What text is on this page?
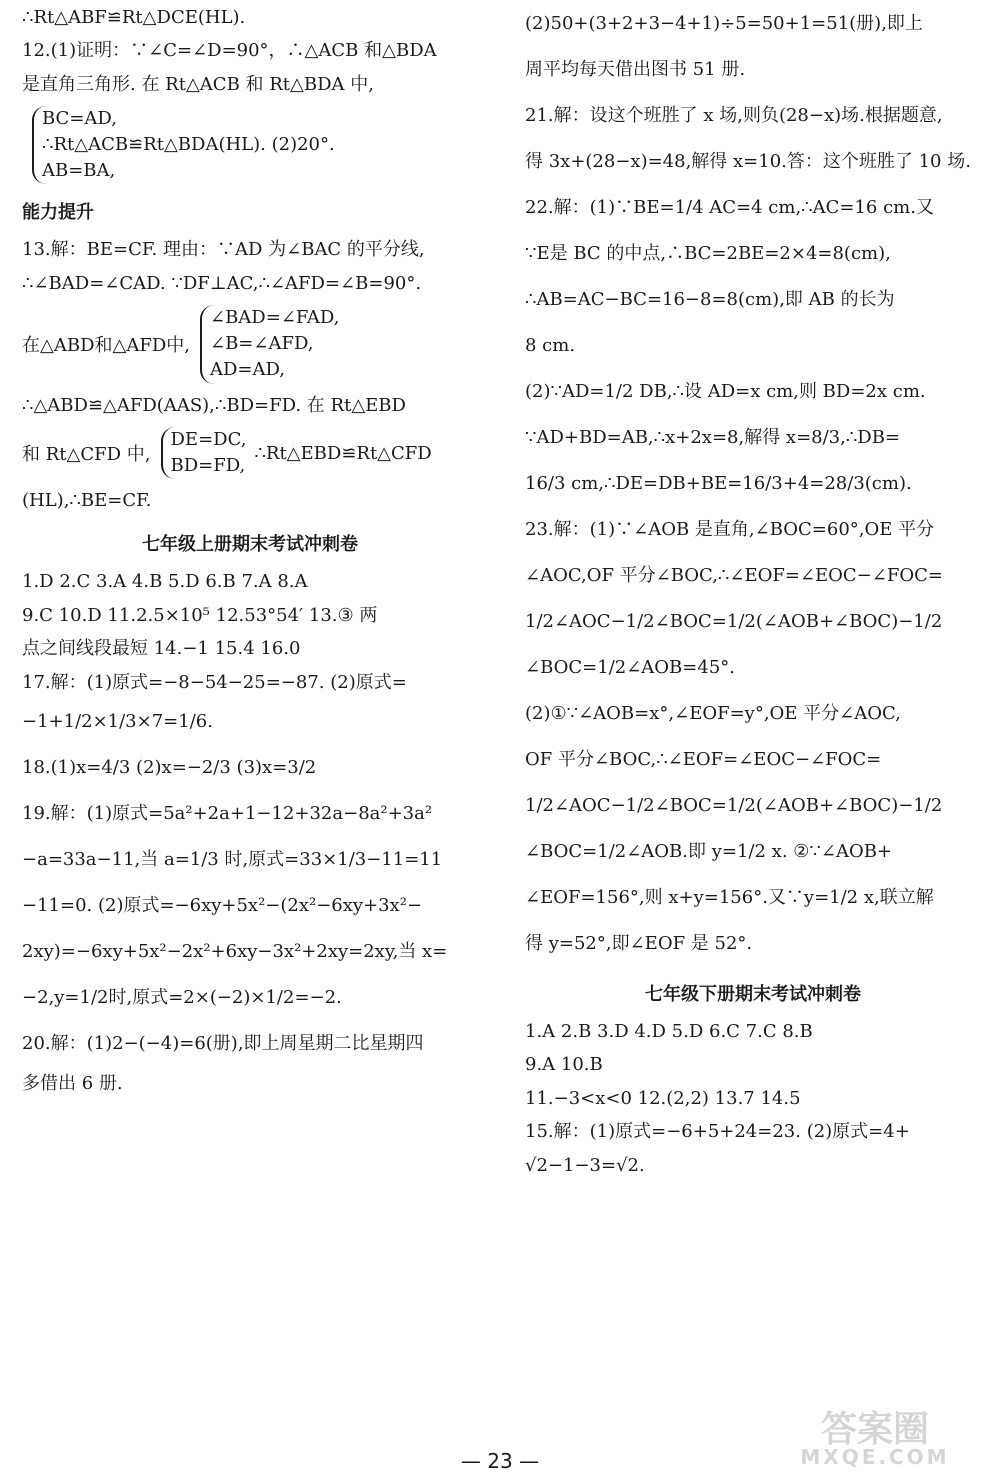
∴Rt△ABF≌Rt△DCE(HL).

12.(1)证明：∵∠C=∠D=90°，∴△ACB 和△BDA

是直角三角形. 在 Rt△ACB 和 Rt△BDA 中,

BC=AD,
∴Rt△ACB≌Rt△BDA(HL). (2)20°.
AB=BA,
能力提升

13.解：BE=CF. 理由：∵AD 为∠BAC 的平分线,

∴∠BAD=∠CAD. ∵DF⊥AC,∴∠AFD=∠B=90°.

在△ABD和△AFD中,
∠BAD=∠FAD,
∠B=∠AFD,
AD=AD,

∴△ABD≌△AFD(AAS),∴BD=FD. 在 Rt△EBD

和 Rt△CFD 中,
DE=DC,
BD=FD,
∴Rt△EBD≌Rt△CFD

(HL),∴BE=CF.

七年级上册期末考试冲刺卷

1.D 2.C 3.A 4.B 5.D 6.B 7.A 8.A

9.C 10.D 11.2.5×10⁵ 12.53°54′ 13.③ 两

点之间线段最短 14.−1 15.4 16.0

17.解：(1)原式=−8−54−25=−87. (2)原式=

−1+1/2×1/3×7=1/6.

18.(1)x=4/3 (2)x=−2/3 (3)x=3/2

19.解：(1)原式=5a²+2a+1−12+32a−8a²+3a²

−a=33a−11,当 a=1/3 时,原式=33×1/3−11=11

−11=0. (2)原式=−6xy+5x²−(2x²−6xy+3x²−

2xy)=−6xy+5x²−2x²+6xy−3x²+2xy=2xy,当 x=

−2,y=1/2时,原式=2×(−2)×1/2=−2.

20.解：(1)2−(−4)=6(册),即上周星期二比星期四

多借出 6 册.

(2)50+(3+2+3−4+1)÷5=50+1=51(册),即上

周平均每天借出图书 51 册.

21.解：设这个班胜了 x 场,则负(28−x)场.根据题意,

得 3x+(28−x)=48,解得 x=10.答：这个班胜了 10 场.

22.解：(1)∵BE=1/4 AC=4 cm,∴AC=16 cm.又

∵E是 BC 的中点,∴BC=2BE=2×4=8(cm),

∴AB=AC−BC=16−8=8(cm),即 AB 的长为

8 cm.

(2)∵AD=1/2 DB,∴设 AD=x cm,则 BD=2x cm.

∵AD+BD=AB,∴x+2x=8,解得 x=8/3,∴DB=

16/3 cm,∴DE=DB+BE=16/3+4=28/3(cm).

23.解：(1)∵∠AOB 是直角,∠BOC=60°,OE 平分

∠AOC,OF 平分∠BOC,∴∠EOF=∠EOC−∠FOC=

1/2∠AOC−1/2∠BOC=1/2(∠AOB+∠BOC)−1/2

∠BOC=1/2∠AOB=45°.

(2)①∵∠AOB=x°,∠EOF=y°,OE 平分∠AOC,

OF 平分∠BOC,∴∠EOF=∠EOC−∠FOC=

1/2∠AOC−1/2∠BOC=1/2(∠AOB+∠BOC)−1/2

∠BOC=1/2∠AOB.即 y=1/2 x. ②∵∠AOB+

∠EOF=156°,则 x+y=156°.又∵y=1/2 x,联立解

得 y=52°,即∠EOF 是 52°.

七年级下册期末考试冲刺卷

1.A 2.B 3.D 4.D 5.D 6.C 7.C 8.B

9.A 10.B

11.−3<x<0 12.(2,2) 13.7 14.5

15.解：(1)原式=−6+5+24=23. (2)原式=4+

√2−1−3=√2.

— 23 —
答案圈
MXQE.COM
